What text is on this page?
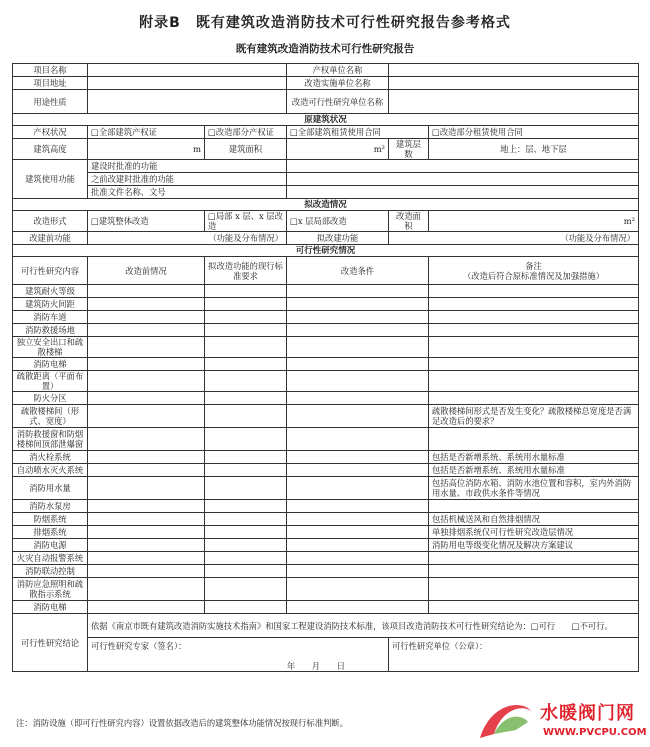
附录B　既有建筑改造消防技术可行性研究报告参考格式
既有建筑改造消防技术可行性研究报告
项目名称			产权单位名称		
项目地址			改造实施单位名称		
用途性质			改造可行性研究单位名称		
原建筑状况					
产权状况	□全部建筑产权证	□改造部分产权证	□全部建筑租赁使用合同		□改造部分租赁使用合同
建筑高度	m	建筑面积	m²	建筑层数	地上：层、地下层
建筑使用功能	建设时批准的功能				
	之前改建时批准的功能				
	批准文件名称、文号				
拟改造情况					
改造形式	□建筑整体改造	□局部 x 层、x 层改造	□x 层局部改造	改造面积	m²
改建前功能	（功能及分布情况）		拟改建功能	（功能及分布情况）	
可行性研究情况					
可行性研究内容	改造前情况	拟改造功能的现行标准要求	改造条件		备注
（改造后符合原标准情况及加强措施）
建筑耐火等级					
建筑防火间距					
消防车道					
消防救援场地					
独立安全出口和疏散楼梯					
消防电梯					
疏散距离（平面布置）					
防火分区					
疏散楼梯间（形式、宽度）					疏散楼梯间形式是否发生变化？疏散楼梯总宽度是否满足改造后的要求？
消防救援窗和防烟楼梯间顶部泄爆窗					
消火栓系统					包括是否新增系统、系统用水量标准
自动喷水灭火系统					包括是否新增系统、系统用水量标准
消防用水量					包括高位消防水箱、消防水池位置和容积，室内外消防用水量、市政供水条件等情况
消防水泵房					
防烟系统					包括机械送风和自然排烟情况
排烟系统					单独排烟系统仅可行性研究改造层情况
消防电源					消防用电等级变化情况及解决方案建议
火灾自动报警系统					
消防联动控制					
消防应急照明和疏散指示系统					
消防电梯					
可行性研究结论	依据《南京市既有建筑改造消防实施技术指南》和国家工程建设消防技术标准，该项目改造消防技术可行性研究结论为：□可行　　□不可行。				

	可行性研究专家（签名）：
年　　月　　日			可行性研究单位（公章）：	
注：消防设施（即可行性研究内容）设置依据改造后的建筑整体功能情况按现行标准判断。	水暖阀门网
WWW.PVCPU.COM
